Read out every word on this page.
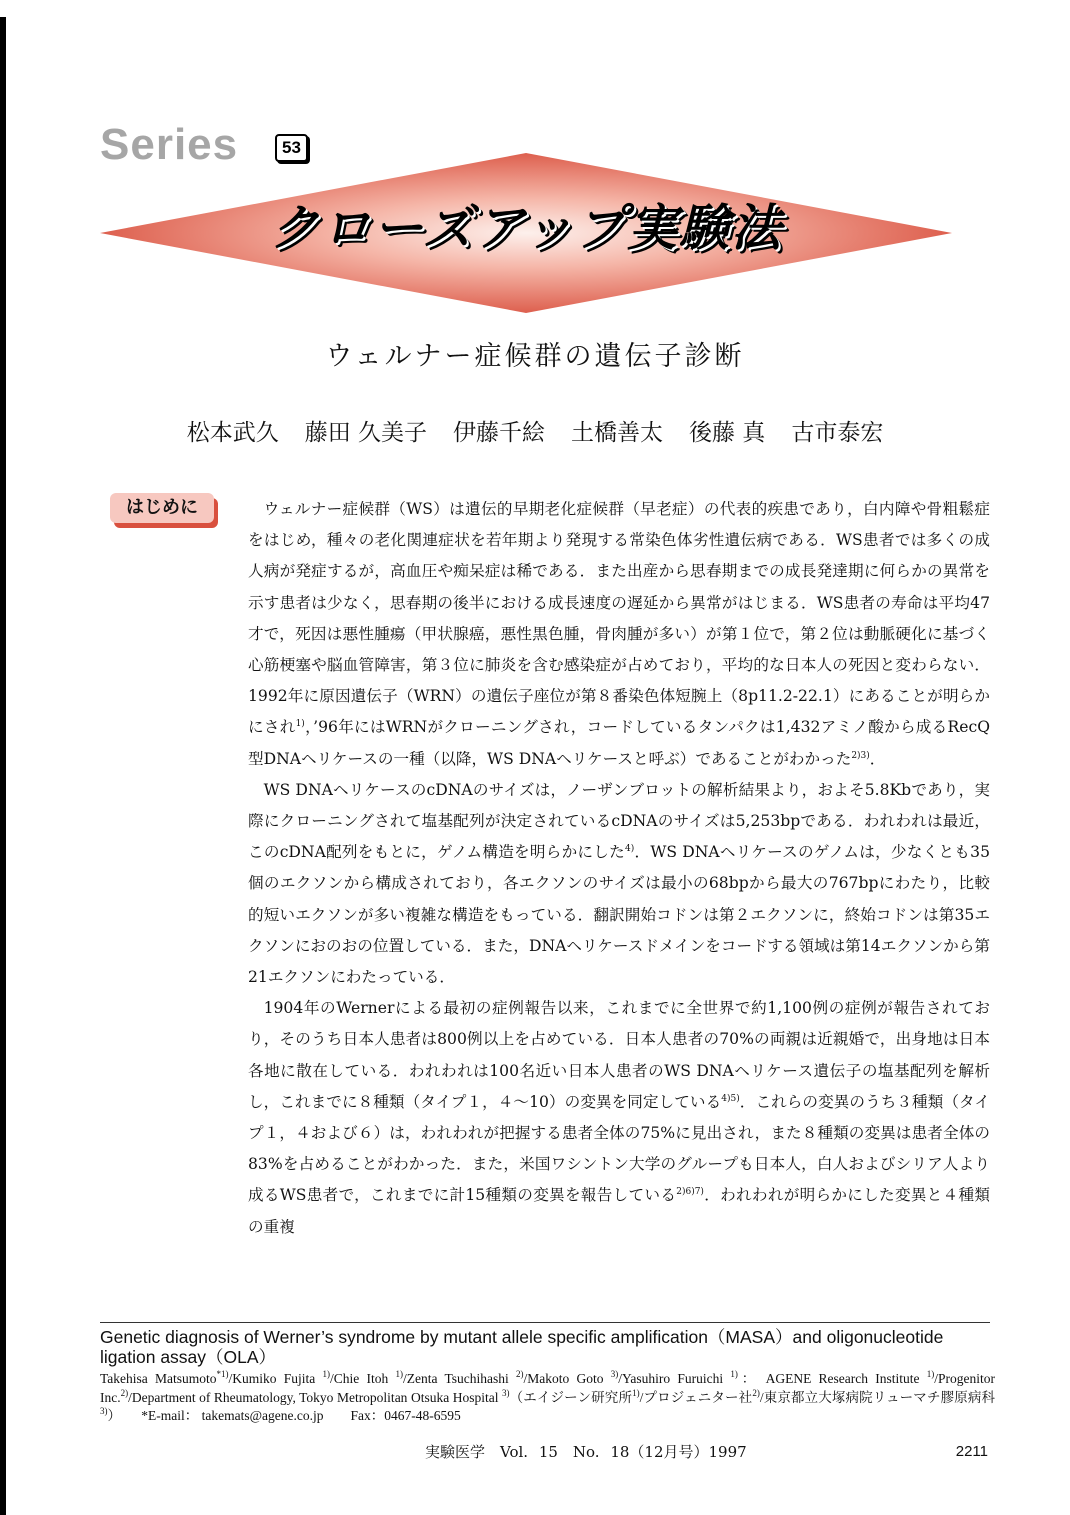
Series	53
クローズアップ実験法
ウェルナー症候群の遺伝子診断
松本武久 藤田 久美子 伊藤千絵 土橋善太 後藤 真 古市泰宏
はじめに	ウェルナー症候群（WS）は遺伝的早期老化症候群（早老症）の代表的疾患であり，白内障や骨粗鬆症をはじめ，種々の老化関連症状を若年期より発現する常染色体劣性遺伝病である．WS患者では多くの成人病が発症するが，高血圧や痴呆症は稀である．また出産から思春期までの成長発達期に何らかの異常を示す患者は少なく，思春期の後半における成長速度の遅延から異常がはじまる．WS患者の寿命は平均47才で，死因は悪性腫瘍（甲状腺癌，悪性黒色腫，骨肉腫が多い）が第１位で，第２位は動脈硬化に基づく心筋梗塞や脳血管障害，第３位に肺炎を含む感染症が占めており，平均的な日本人の死因と変わらない．1992年に原因遺伝子（WRN）の遺伝子座位が第８番染色体短腕上（8p11.2-22.1）にあることが明らかにされ$^{1)}$，’96年にはWRNがクローニングされ，コードしているタンパクは1,432アミノ酸から成るRecQ型DNAヘリケースの一種（以降，WS DNAヘリケースと呼ぶ）であることがわかった$^{2)3)}$．

WS DNAヘリケースのcDNAのサイズは，ノーザンブロットの解析結果より，およそ5.8Kbであり，実際にクローニングされて塩基配列が決定されているcDNAのサイズは5,253bpである．われわれは最近，このcDNA配列をもとに，ゲノム構造を明らかにした$^{4)}$．WS DNAヘリケースのゲノムは，少なくとも35個のエクソンから構成されており，各エクソンのサイズは最小の68bpから最大の767bpにわたり，比較的短いエクソンが多い複雑な構造をもっている．翻訳開始コドンは第２エクソンに，終始コドンは第35エクソンにおのおの位置している．また，DNAヘリケースドメインをコードする領域は第14エクソンから第21エクソンにわたっている．

1904年のWernerによる最初の症例報告以来，これまでに全世界で約1,100例の症例が報告されており，そのうち日本人患者は800例以上を占めている．日本人患者の70%の両親は近親婚で，出身地は日本各地に散在している．われわれは100名近い日本人患者のWS DNAヘリケース遺伝子の塩基配列を解析し，これまでに８種類（タイプ１，４～10）の変異を同定している$^{4)5)}$．これらの変異のうち３種類（タイプ１，４および６）は，われわれが把握する患者全体の75%に見出され，また８種類の変異は患者全体の83%を占めることがわかった．また，米国ワシントン大学のグループも日本人，白人およびシリア人より成るWS患者で，これまでに計15種類の変異を報告している$^{2)6)7)}$．われわれが明らかにした変異と４種類の重複

Genetic diagnosis of Werner’s syndrome by mutant allele specific amplification（MASA）and oligonucleotide ligation assay（OLA）
Takehisa Matsumoto$^{*1)}$/Kumiko Fujita $^{1)}$/Chie Itoh $^{1)}$/Zenta Tsuchihashi $^{2)}$/Makoto Goto $^{3)}$/Yasuhiro Furuichi $^{1)}$： AGENE Research Institute $^{1)}$/Progenitor Inc.$^{2)}$/Department of Rheumatology, Tokyo Metropolitan Otsuka Hospital $^{3)}$（エイジーン研究所$^{1)}$/プロジェニター社$^{2)}$/東京都立大塚病院リューマチ膠原病科$^{3)}$）　　 *E-mail： takemats@agene.co.jp　　 Fax：0467-48-6595
実験医学　Vol. 15　No. 18（12月号）1997	2211
